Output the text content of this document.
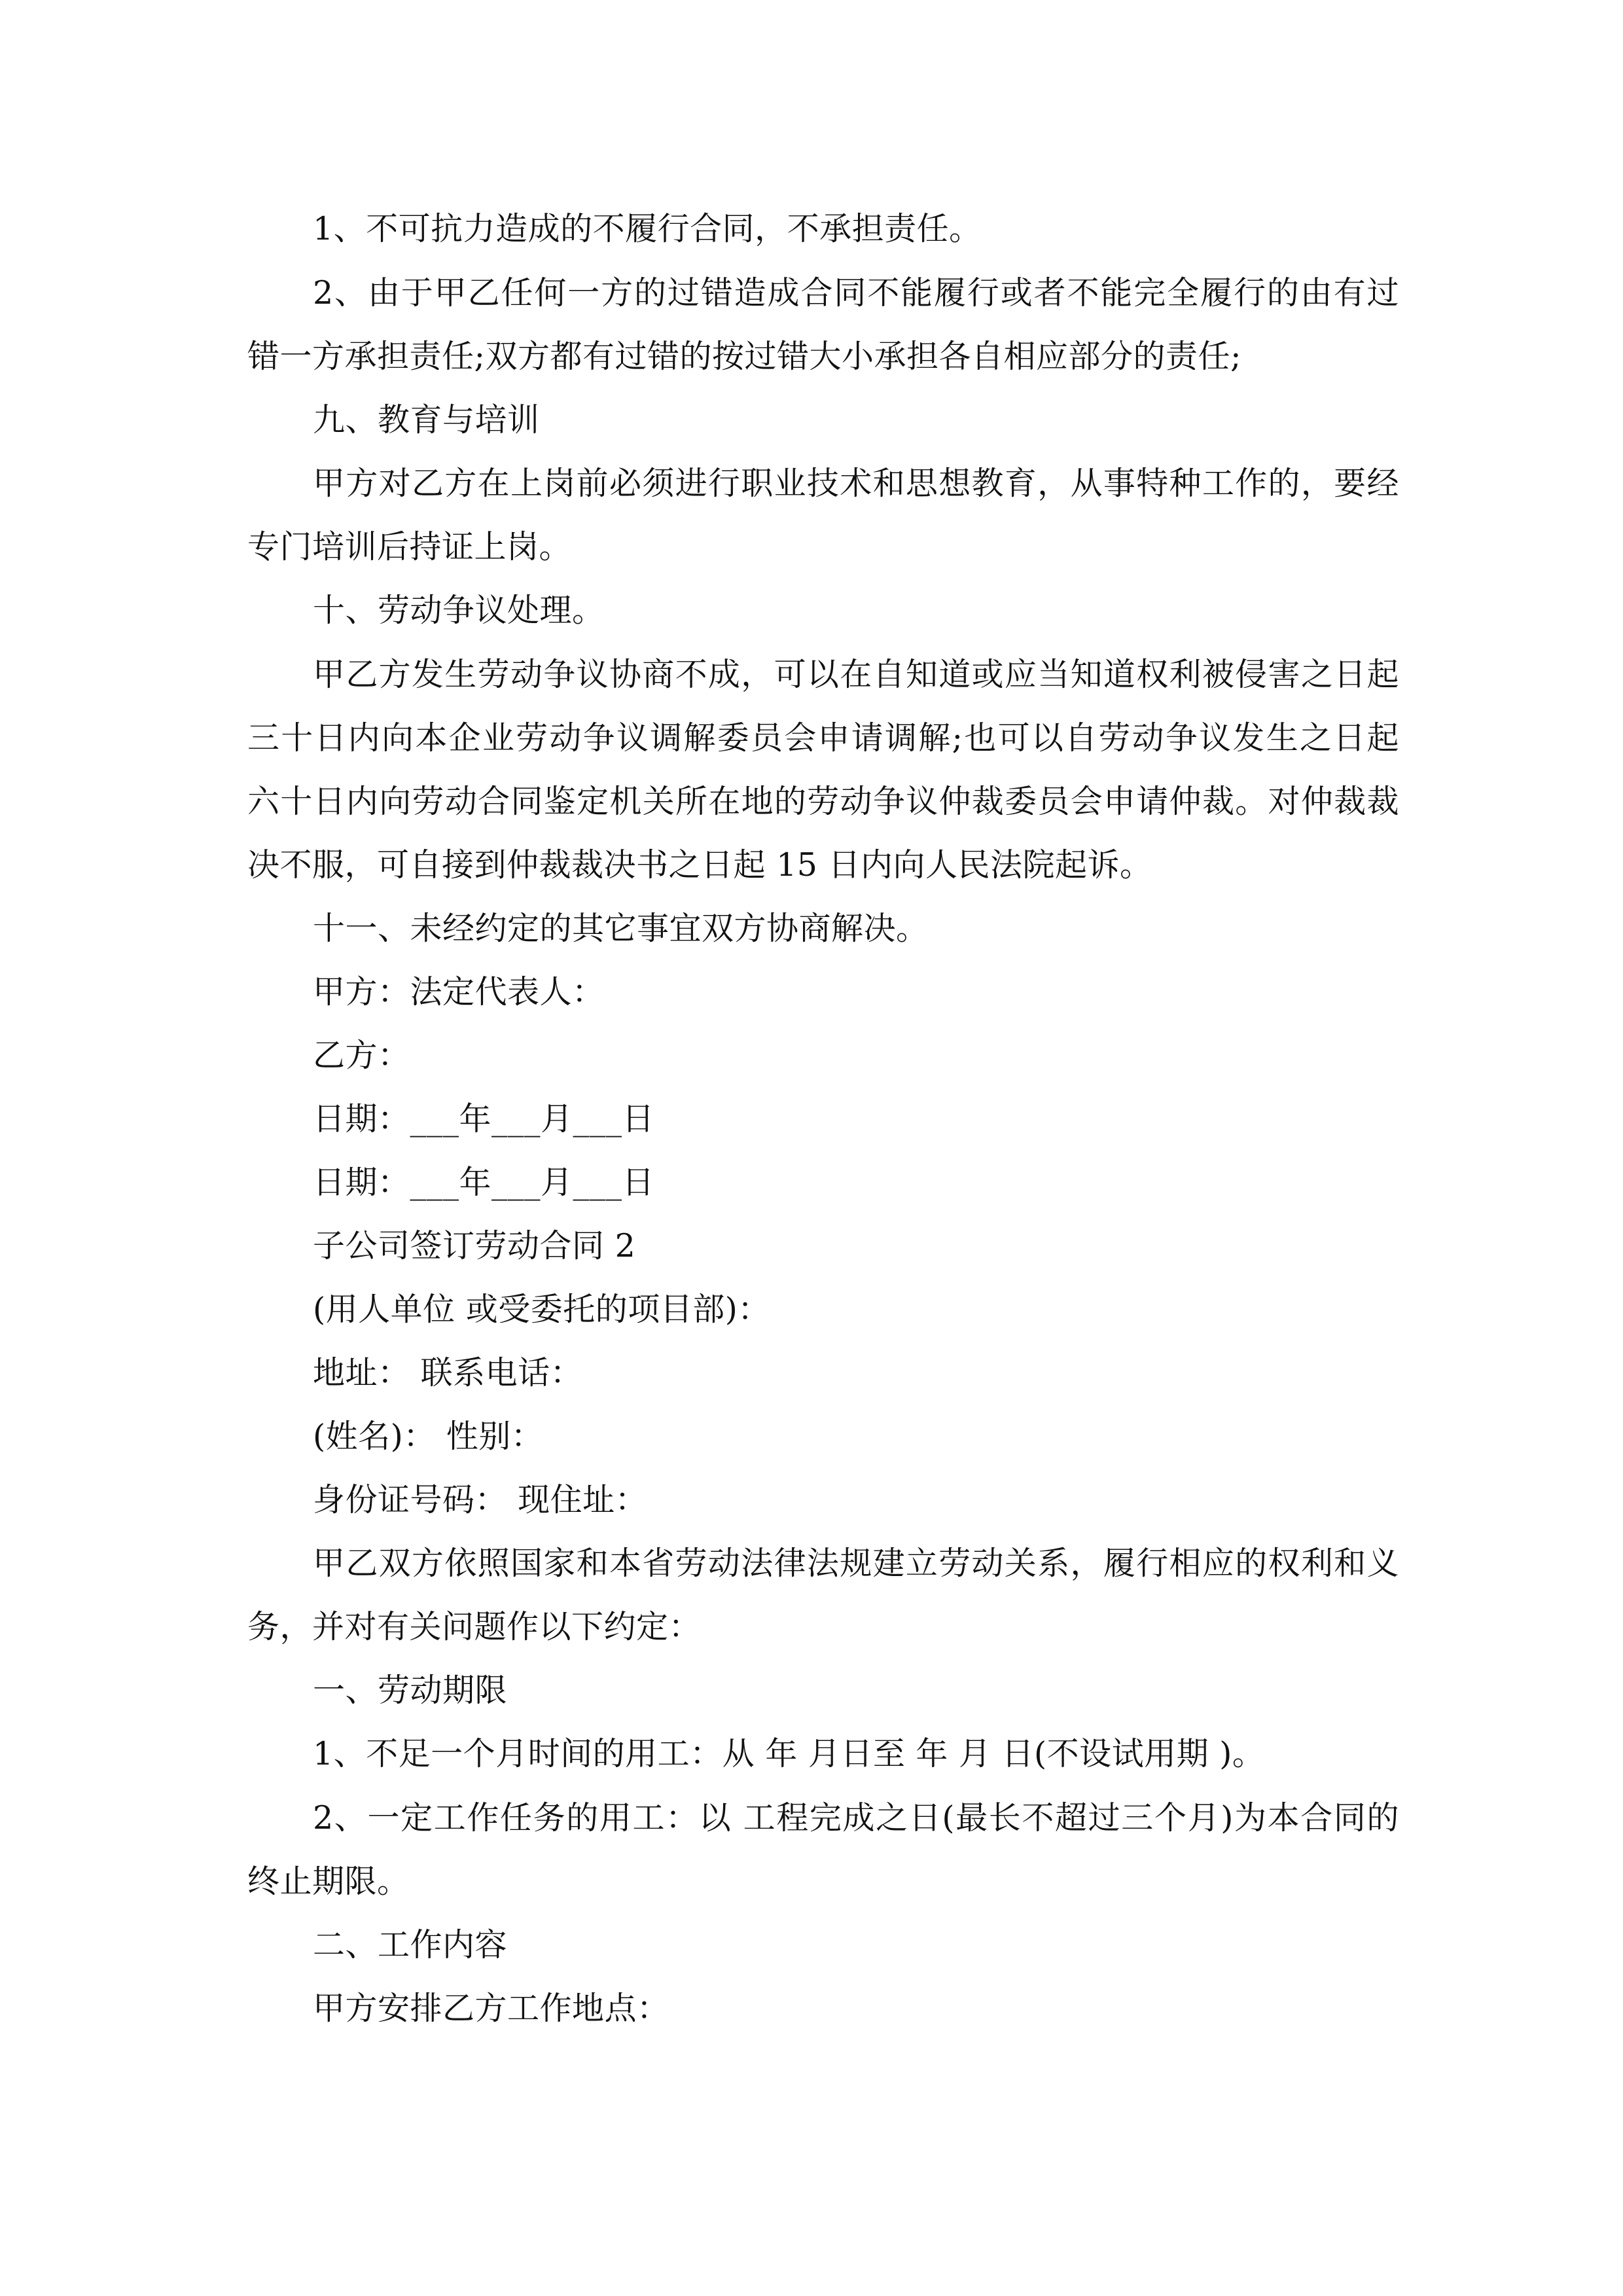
1、不可抗力造成的不履行合同，不承担责任。
2、由于甲乙任何一方的过错造成合同不能履行或者不能完全履行的由有过
错一方承担责任;双方都有过错的按过错大小承担各自相应部分的责任;
九、教育与培训
甲方对乙方在上岗前必须进行职业技术和思想教育，从事特种工作的，要经
专门培训后持证上岗。
十、劳动争议处理。
甲乙方发生劳动争议协商不成，可以在自知道或应当知道权利被侵害之日起
三十日内向本企业劳动争议调解委员会申请调解;也可以自劳动争议发生之日起
六十日内向劳动合同鉴定机关所在地的劳动争议仲裁委员会申请仲裁。对仲裁裁
决不服，可自接到仲裁裁决书之日起 15 日内向人民法院起诉。
十一、未经约定的其它事宜双方协商解决。
甲方：法定代表人：
乙方：
日期：___年___月___日
日期：___年___月___日
子公司签订劳动合同 2
(用人单位 或受委托的项目部)：
地址： 联系电话：
(姓名)： 性别：
身份证号码： 现住址：
甲乙双方依照国家和本省劳动法律法规建立劳动关系，履行相应的权利和义
务，并对有关问题作以下约定：
一、劳动期限
1、不足一个月时间的用工：从 年 月日至 年 月 日(不设试用期 )。
2、一定工作任务的用工：以 工程完成之日(最长不超过三个月)为本合同的
终止期限。
二、工作内容
甲方安排乙方工作地点：
